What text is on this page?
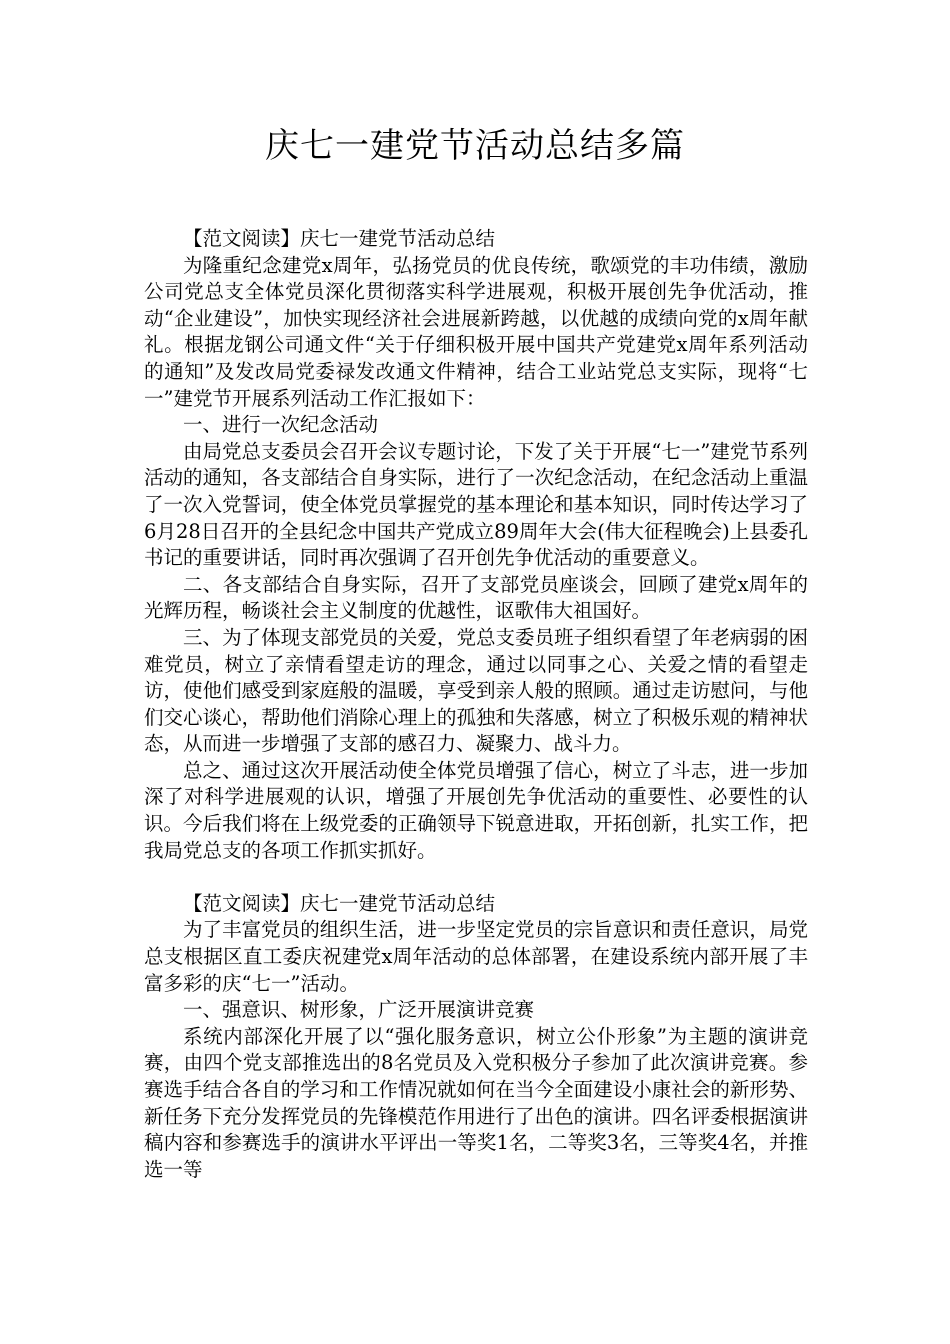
庆七一建党节活动总结多篇

【范文阅读】庆七一建党节活动总结

为隆重纪念建党x周年，弘扬党员的优良传统，歌颂党的丰功伟绩，激励公司党总支全体党员深化贯彻落实科学进展观，积极开展创先争优活动，推动“企业建设”，加快实现经济社会进展新跨越，以优越的成绩向党的x周年献礼。根据龙钢公司通文件“关于仔细积极开展中国共产党建党x周年系列活动的通知”及发改局党委禄发改通文件精神，结合工业站党总支实际，现将“七一”建党节开展系列活动工作汇报如下：

一、进行一次纪念活动

由局党总支委员会召开会议专题讨论，下发了关于开展“七一”建党节系列活动的通知，各支部结合自身实际，进行了一次纪念活动，在纪念活动上重温了一次入党誓词，使全体党员掌握党的基本理论和基本知识，同时传达学习了6月28日召开的全县纪念中国共产党成立89周年大会(伟大征程晚会)上县委孔书记的重要讲话，同时再次强调了召开创先争优活动的重要意义。

二、各支部结合自身实际，召开了支部党员座谈会，回顾了建党x周年的光辉历程，畅谈社会主义制度的优越性，讴歌伟大祖国好。

三、为了体现支部党员的关爱，党总支委员班子组织看望了年老病弱的困难党员，树立了亲情看望走访的理念，通过以同事之心、关爱之情的看望走访，使他们感受到家庭般的温暖，享受到亲人般的照顾。通过走访慰问，与他们交心谈心，帮助他们消除心理上的孤独和失落感，树立了积极乐观的精神状态，从而进一步增强了支部的感召力、凝聚力、战斗力。

总之、通过这次开展活动使全体党员增强了信心，树立了斗志，进一步加深了对科学进展观的认识，增强了开展创先争优活动的重要性、必要性的认识。今后我们将在上级党委的正确领导下锐意进取，开拓创新，扎实工作，把我局党总支的各项工作抓实抓好。

【范文阅读】庆七一建党节活动总结

为了丰富党员的组织生活，进一步坚定党员的宗旨意识和责任意识，局党总支根据区直工委庆祝建党x周年活动的总体部署，在建设系统内部开展了丰富多彩的庆“七一”活动。

一、强意识、树形象，广泛开展演讲竞赛

系统内部深化开展了以“强化服务意识，树立公仆形象”为主题的演讲竞赛，由四个党支部推选出的8名党员及入党积极分子参加了此次演讲竞赛。参赛选手结合各自的学习和工作情况就如何在当今全面建设小康社会的新形势、新任务下充分发挥党员的先锋模范作用进行了出色的演讲。四名评委根据演讲稿内容和参赛选手的演讲水平评出一等奖1名，二等奖3名，三等奖4名，并推选一等
